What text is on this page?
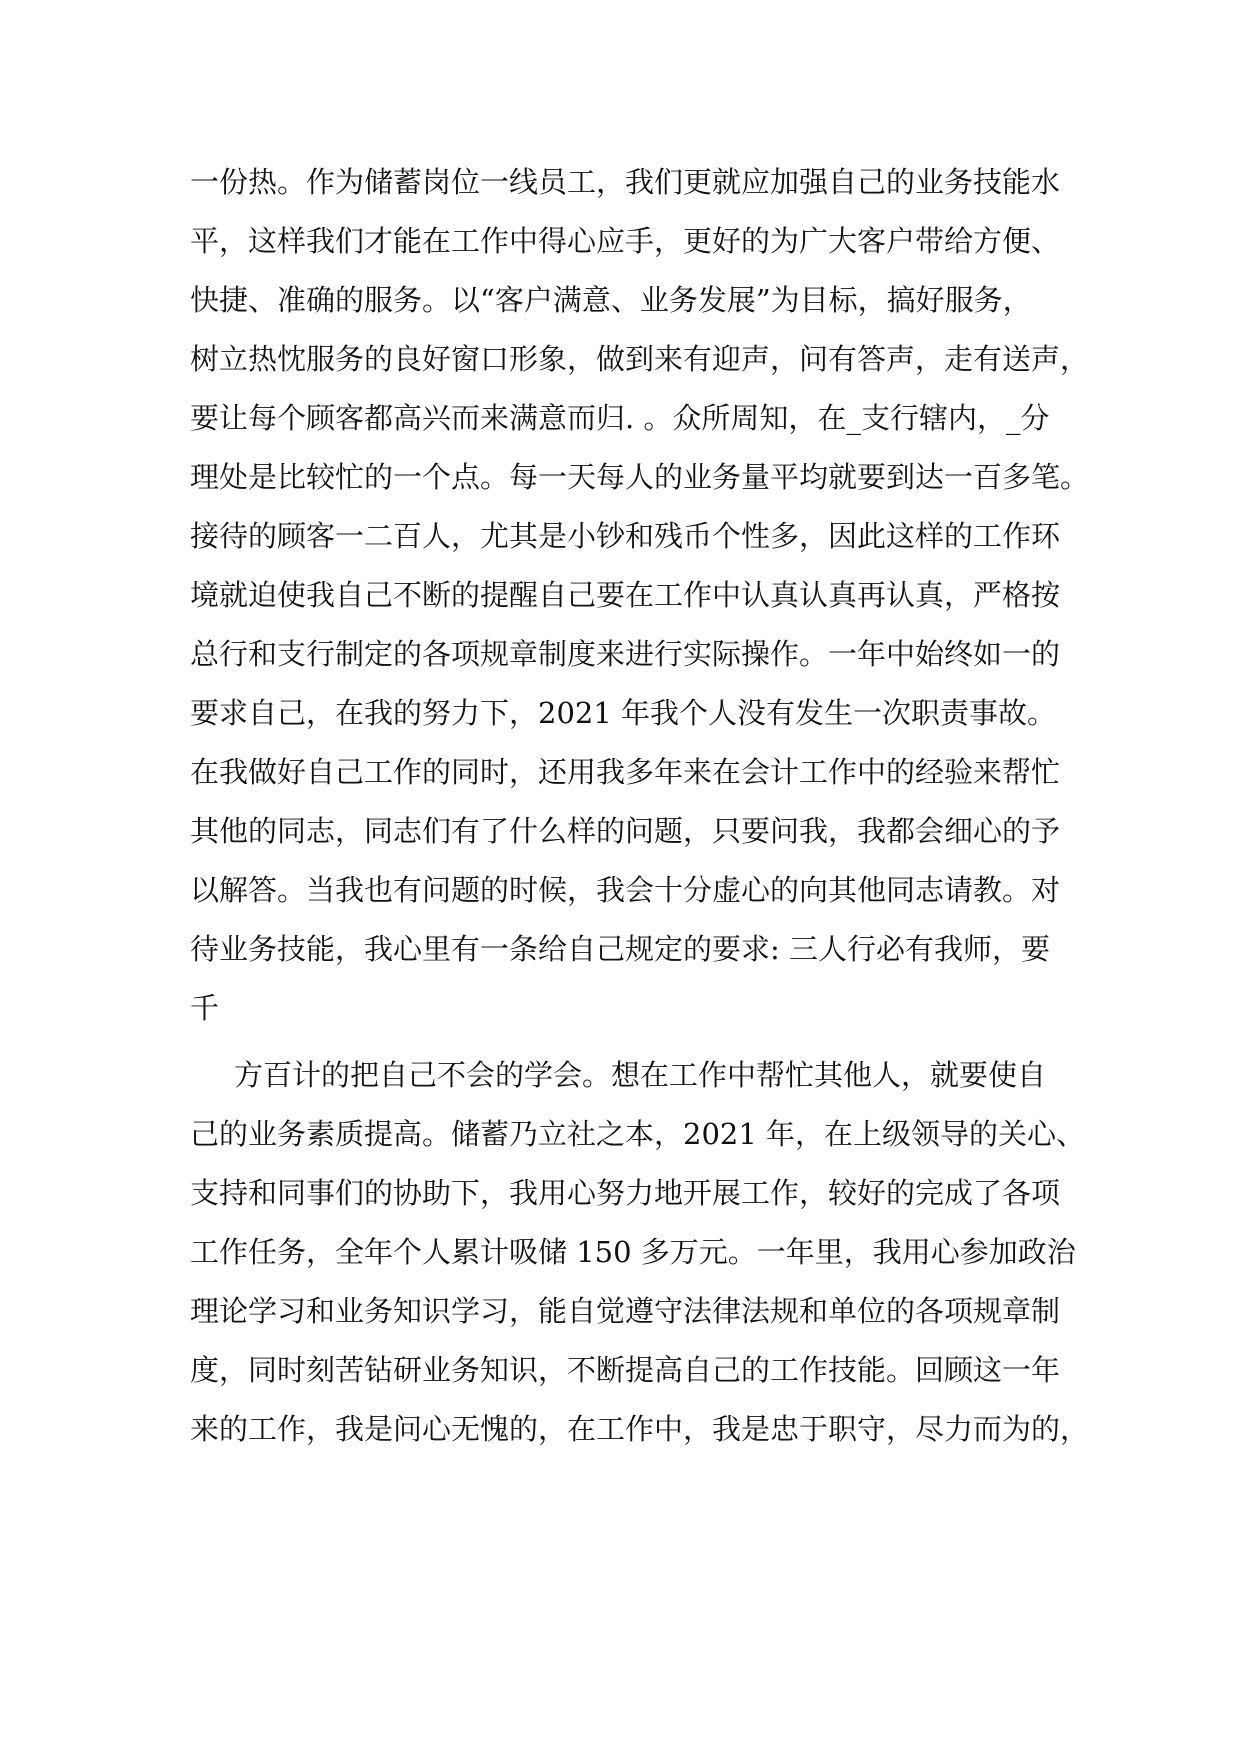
一份热。作为储蓄岗位一线员工，我们更就应加强自己的业务技能水
平，这样我们才能在工作中得心应手，更好的为广大客户带给方便、
快捷、准确的服务。以“客户满意、业务发展”为目标，搞好服务，
树立热忱服务的良好窗口形象，做到来有迎声，问有答声，走有送声，
要让每个顾客都高兴而来满意而归. 。众所周知，在_支行辖内，_分
理处是比较忙的一个点。每一天每人的业务量平均就要到达一百多笔。
接待的顾客一二百人，尤其是小钞和残币个性多，因此这样的工作环
境就迫使我自己不断的提醒自己要在工作中认真认真再认真，严格按
总行和支行制定的各项规章制度来进行实际操作。一年中始终如一的
要求自己，在我的努力下，2021 年我个人没有发生一次职责事故。
在我做好自己工作的同时，还用我多年来在会计工作中的经验来帮忙
其他的同志，同志们有了什么样的问题，只要问我，我都会细心的予
以解答。当我也有问题的时候，我会十分虚心的向其他同志请教。对
待业务技能，我心里有一条给自己规定的要求: 三人行必有我师，要
千
方百计的把自己不会的学会。想在工作中帮忙其他人，就要使自
己的业务素质提高。储蓄乃立社之本，2021 年，在上级领导的关心、
支持和同事们的协助下，我用心努力地开展工作，较好的完成了各项
工作任务，全年个人累计吸储 150 多万元。一年里，我用心参加政治
理论学习和业务知识学习，能自觉遵守法律法规和单位的各项规章制
度，同时刻苦钻研业务知识，不断提高自己的工作技能。回顾这一年
来的工作，我是问心无愧的，在工作中，我是忠于职守，尽力而为的，
